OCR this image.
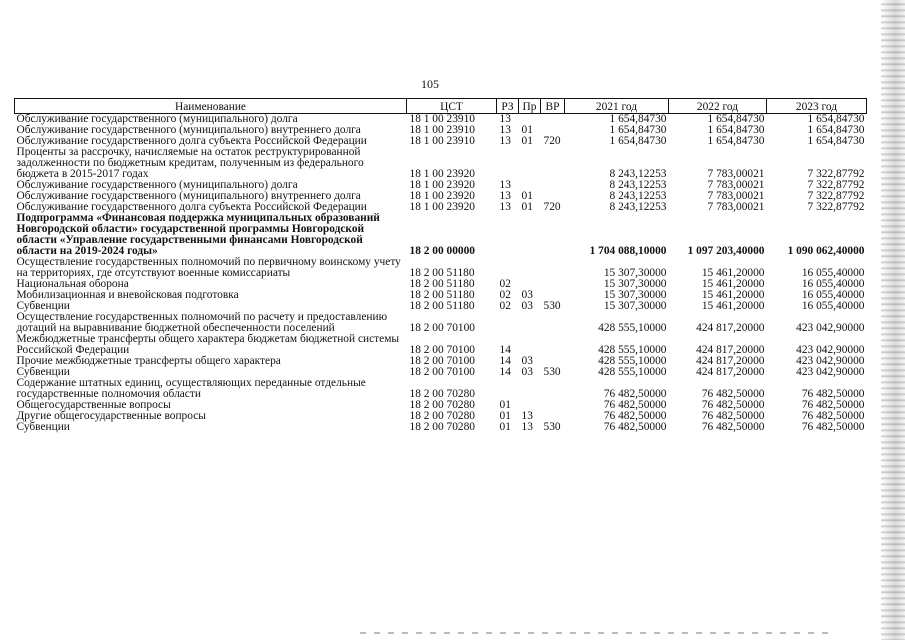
105
Наименование	ЦСТ	РЗ	Пр	ВР	2021 год	2022 год	2023 год
Обслуживание государственного (муниципального) долга	18 1 00 23910	13			1 654,84730	1 654,84730	1 654,84730
Обслуживание государственного (муниципального) внутреннего долга	18 1 00 23910	13	01		1 654,84730	1 654,84730	1 654,84730
Обслуживание государственного долга субъекта Российской Федерации	18 1 00 23910	13	01	720	1 654,84730	1 654,84730	1 654,84730
Проценты за рассрочку, начисляемые на остаток реструктурированной задолженности по бюджетным кредитам, полученным из федерального бюджета в 2015-2017 годах	18 1 00 23920				8 243,12253	7 783,00021	7 322,87792
Обслуживание государственного (муниципального) долга	18 1 00 23920	13			8 243,12253	7 783,00021	7 322,87792
Обслуживание государственного (муниципального) внутреннего долга	18 1 00 23920	13	01		8 243,12253	7 783,00021	7 322,87792
Обслуживание государственного долга субъекта Российской Федерации	18 1 00 23920	13	01	720	8 243,12253	7 783,00021	7 322,87792
Подпрограмма «Финансовая поддержка муниципальных образований Новгородской области» государственной программы Новгородской области «Управление государственными финансами Новгородской области на 2019-2024 годы»	18 2 00 00000				1 704 088,10000	1 097 203,40000	1 090 062,40000
Осуществление государственных полномочий по первичному воинскому учету на территориях, где отсутствуют военные комиссариаты	18 2 00 51180				15 307,30000	15 461,20000	16 055,40000
Национальная оборона	18 2 00 51180	02			15 307,30000	15 461,20000	16 055,40000
Мобилизационная и вневойсковая подготовка	18 2 00 51180	02	03		15 307,30000	15 461,20000	16 055,40000
Субвенции	18 2 00 51180	02	03	530	15 307,30000	15 461,20000	16 055,40000
Осуществление государственных полномочий по расчету и предоставлению дотаций на выравнивание бюджетной обеспеченности поселений	18 2 00 70100				428 555,10000	424 817,20000	423 042,90000
Межбюджетные трансферты общего характера бюджетам бюджетной системы Российской Федерации	18 2 00 70100	14			428 555,10000	424 817,20000	423 042,90000
Прочие межбюджетные трансферты общего характера	18 2 00 70100	14	03		428 555,10000	424 817,20000	423 042,90000
Субвенции	18 2 00 70100	14	03	530	428 555,10000	424 817,20000	423 042,90000
Содержание штатных единиц, осуществляющих переданные отдельные государственные полномочия области	18 2 00 70280				76 482,50000	76 482,50000	76 482,50000
Общегосударственные вопросы	18 2 00 70280	01			76 482,50000	76 482,50000	76 482,50000
Другие общегосударственные вопросы	18 2 00 70280	01	13		76 482,50000	76 482,50000	76 482,50000
Субвенции	18 2 00 70280	01	13	530	76 482,50000	76 482,50000	76 482,50000
